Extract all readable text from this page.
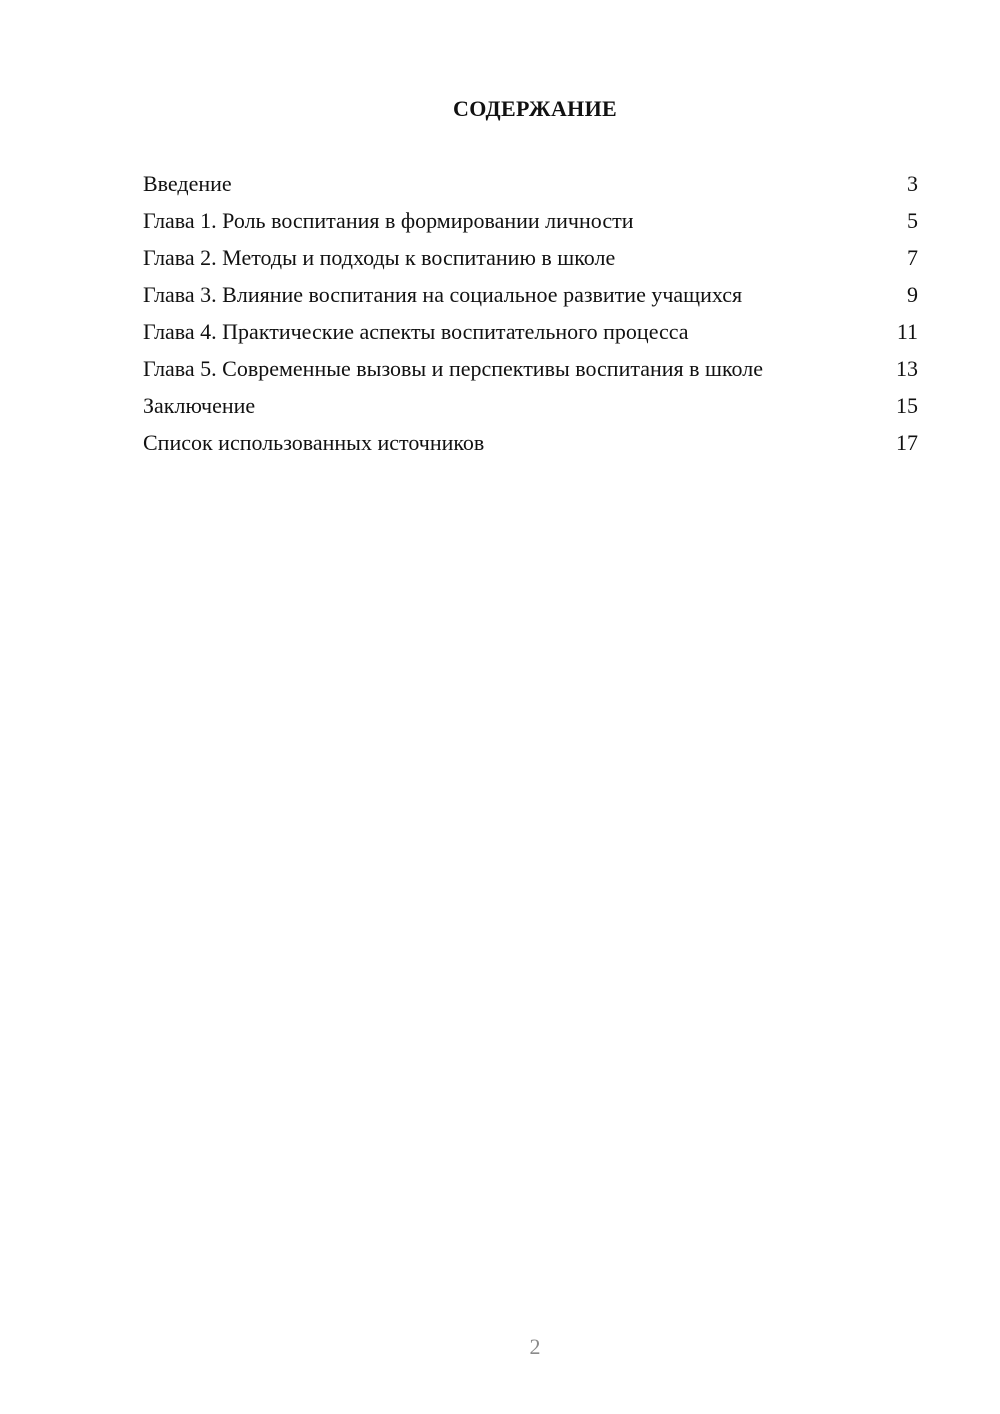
СОДЕРЖАНИЕ
Введение	3
Глава 1. Роль воспитания в формировании личности	5
Глава 2. Методы и подходы к воспитанию в школе	7
Глава 3. Влияние воспитания на социальное развитие учащихся	9
Глава 4. Практические аспекты воспитательного процесса	11
Глава 5. Современные вызовы и перспективы воспитания в школе	13
Заключение	15
Список использованных источников	17
2
